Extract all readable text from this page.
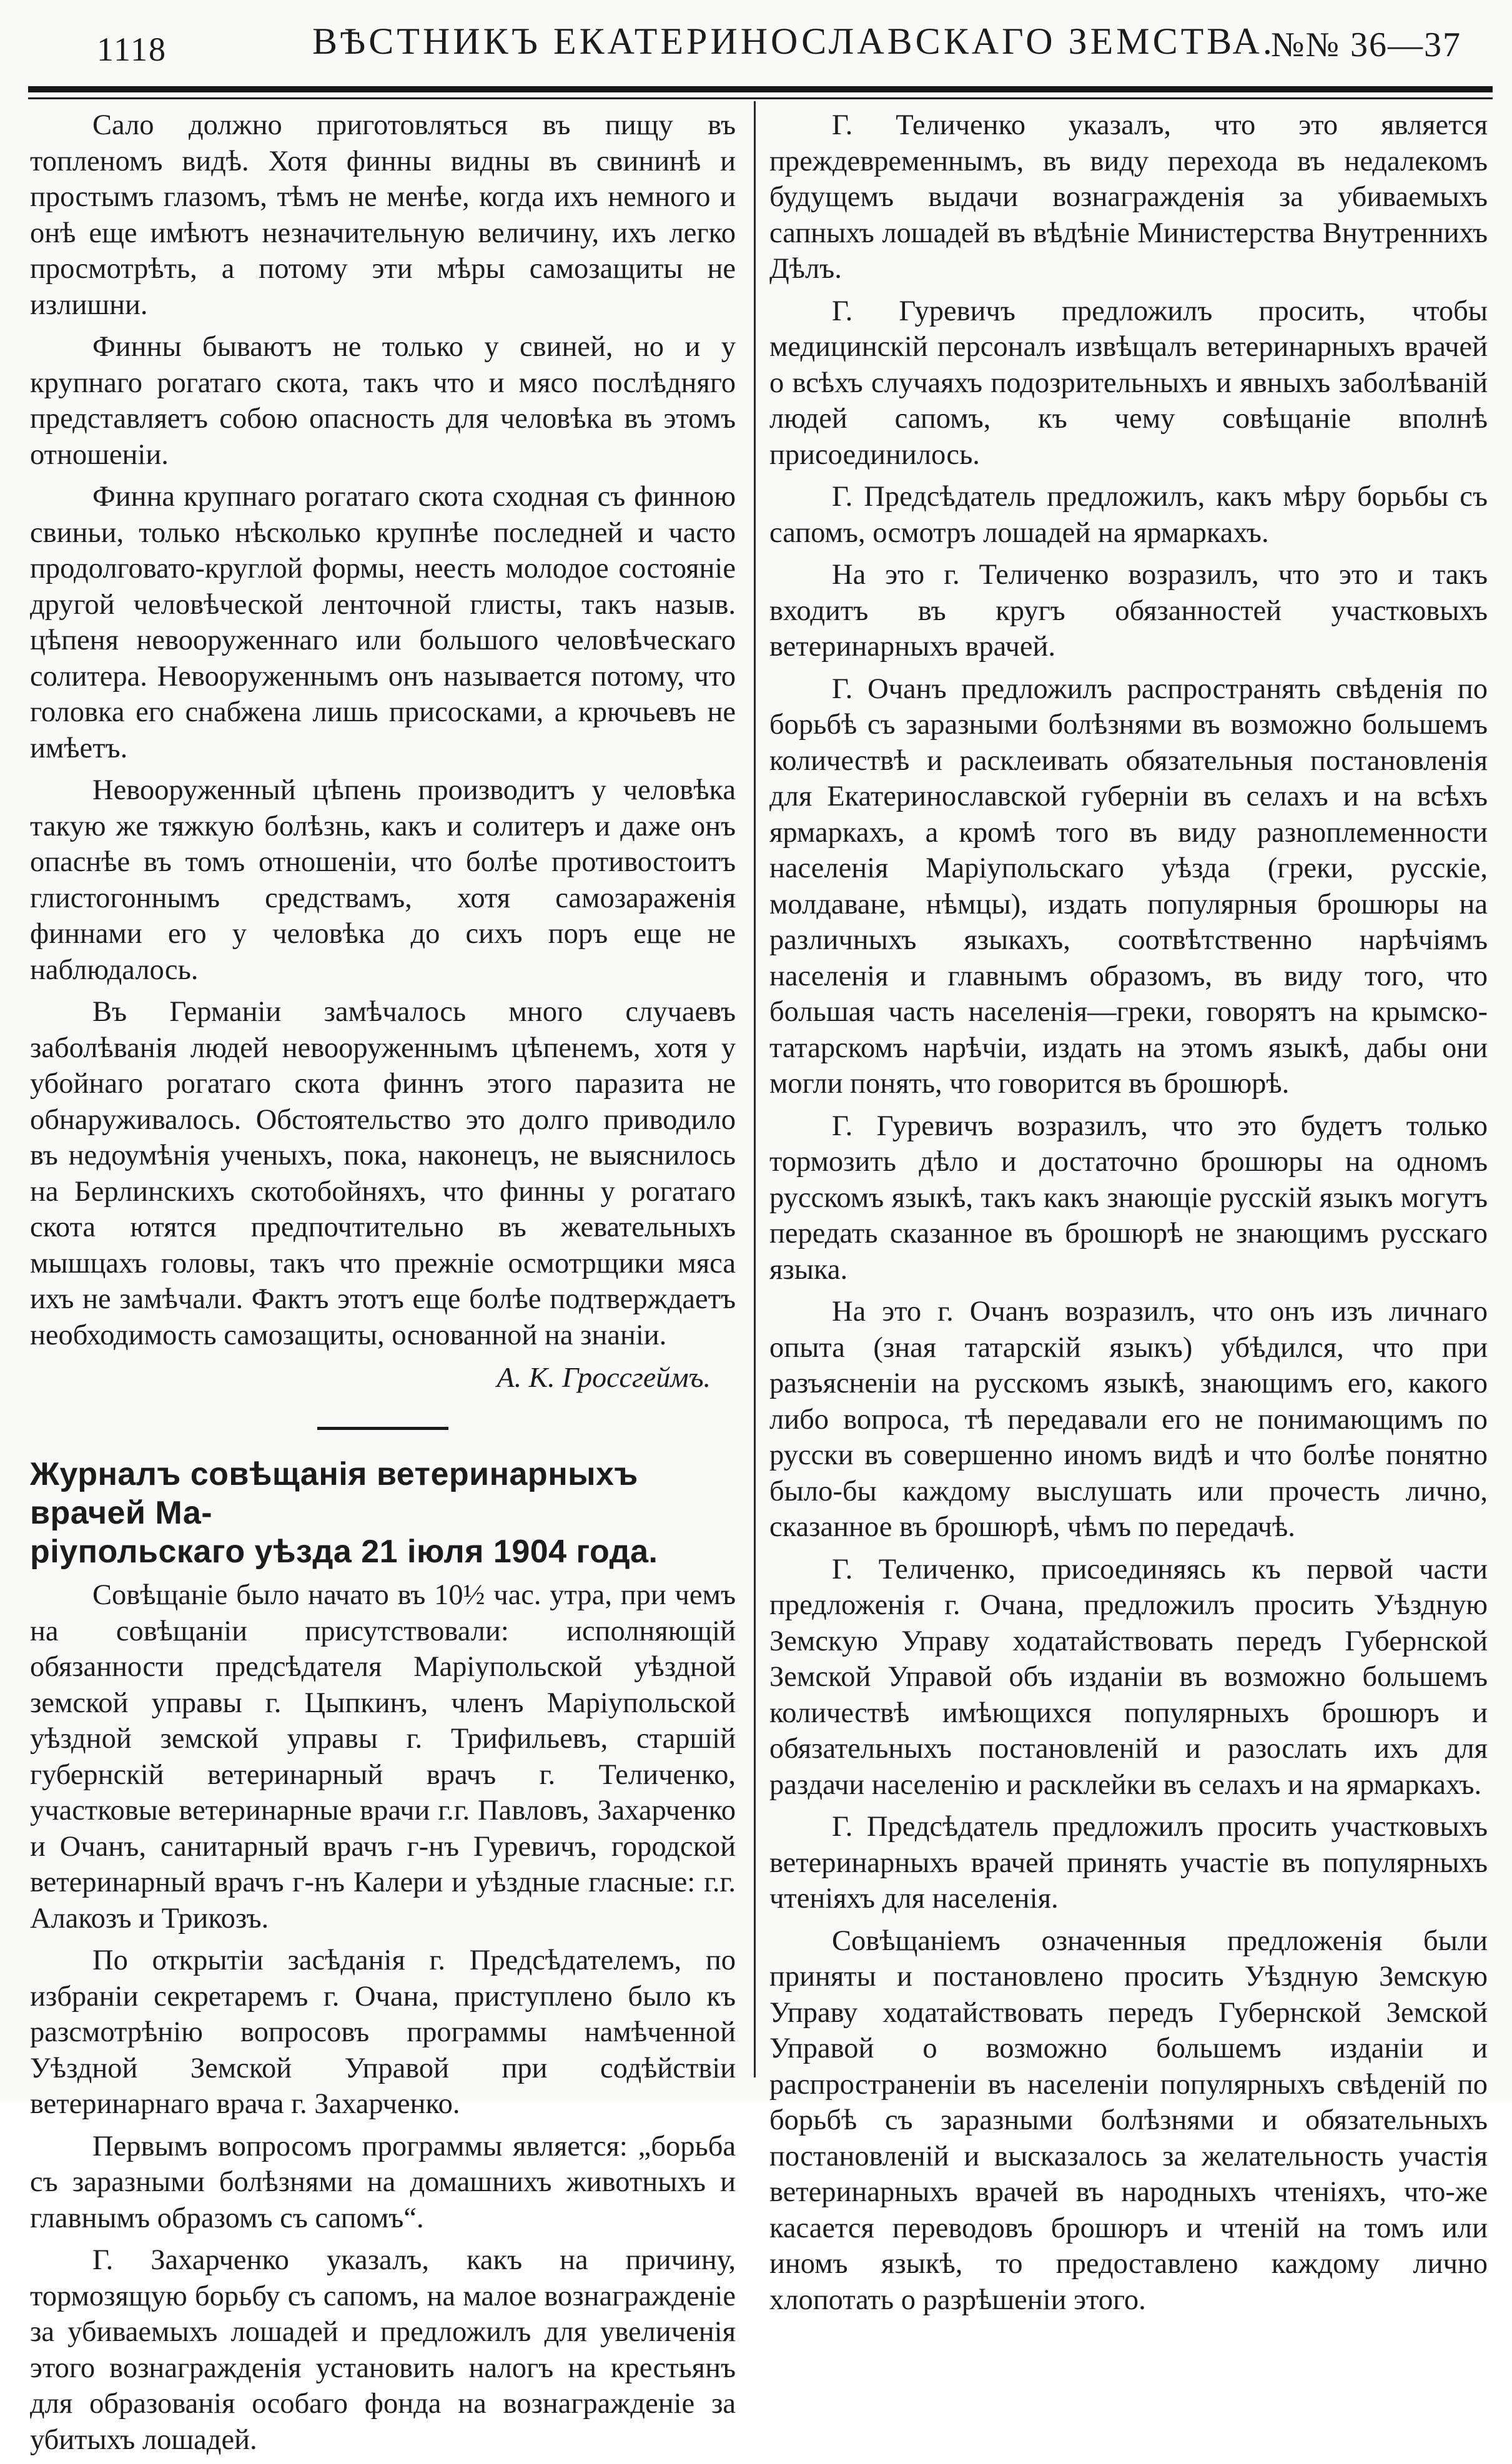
1118	ВѢСТНИКЪ ЕКАТЕРИНОСЛАВСКАГО ЗЕМСТВА.
№№ 36—37

Сало должно приготовляться въ пищу въ топленомъ видѣ. Хотя финны видны въ свининѣ и простымъ глазомъ, тѣмъ не менѣе, когда ихъ немного и онѣ еще имѣютъ незначительную величину, ихъ легко просмотрѣть, а потому эти мѣры самозащиты не излишни.

Финны бываютъ не только у свиней, но и у крупнаго рогатаго скота, такъ что и мясо послѣдняго представляетъ собою опасность для человѣка въ этомъ отношеніи.

Финна крупнаго рогатаго скота сходная съ финною свиньи, только нѣсколько крупнѣе последней и часто продолговато-круглой формы, неесть молодое состояніе другой человѣческой ленточной глисты, такъ назыв. цѣпеня невооруженнаго или большого человѣческаго солитера. Невооруженнымъ онъ называется потому, что головка его снабжена лишь присосками, а крючьевъ не имѣетъ.

Невооруженный цѣпень производитъ у человѣка такую же тяжкую болѣзнь, какъ и солитеръ и даже онъ опаснѣе въ томъ отношеніи, что болѣе противостоитъ глистогоннымъ средствамъ, хотя самозараженія финнами его у человѣка до сихъ поръ еще не наблюдалось.

Въ Германіи замѣчалось много случаевъ заболѣванія людей невооруженнымъ цѣпенемъ, хотя у убойнаго рогатаго скота финнъ этого паразита не обнаруживалось. Обстоятельство это долго приводило въ недоумѣнія ученыхъ, пока, наконецъ, не выяснилось на Берлинскихъ скотобойняхъ, что финны у рогатаго скота ютятся предпочтительно въ жевательныхъ мышцахъ головы, такъ что прежніе осмотрщики мяса ихъ не замѣчали. Фактъ этотъ еще болѣе подтверждаетъ необходимость самозащиты, основанной на знаніи.

А. К. Гроссгеймъ.
Журналъ совѣщанія ветеринарныхъ врачей Ма-
ріупольскаго уѣзда 21 іюля 1904 года.

Совѣщаніе было начато въ 10½ час. утра, при чемъ на совѣщаніи присутствовали: исполняющій обязанности предсѣдателя Маріупольской уѣздной земской управы г. Цыпкинъ, членъ Маріупольской уѣздной земской управы г. Трифильевъ, старшій губернскій ветеринарный врачъ г. Теличенко, участковые ветеринарные врачи г.г. Павловъ, Захарченко и Очанъ, санитарный врачъ г-нъ Гуревичъ, городской ветеринарный врачъ г-нъ Калери и уѣздные гласные: г.г. Алакозъ и Трикозъ.

По открытіи засѣданія г. Предсѣдателемъ, по избраніи секретаремъ г. Очана, приступлено было къ разсмотрѣнію вопросовъ программы намѣченной Уѣздной Земской Управой при содѣйствіи ветеринарнаго врача г. Захарченко.

Первымъ вопросомъ программы является: „борьба съ заразными болѣзнями на домашнихъ животныхъ и главнымъ образомъ съ сапомъ“.

Г. Захарченко указалъ, какъ на причину, тормозящую борьбу съ сапомъ, на малое вознагражденіе за убиваемыхъ лошадей и предложилъ для увеличенія этого вознагражденія установить налогъ на крестьянъ для образованія особаго фонда на вознагражденіе за убитыхъ лошадей.

Г. Теличенко указалъ, что это является преждевременнымъ, въ виду перехода въ недалекомъ будущемъ выдачи вознагражденія за убиваемыхъ сапныхъ лошадей въ вѣдѣніе Министерства Внутреннихъ Дѣлъ.

Г. Гуревичъ предложилъ просить, чтобы медицинскій персоналъ извѣщалъ ветеринарныхъ врачей о всѣхъ случаяхъ подозрительныхъ и явныхъ заболѣваній людей сапомъ, къ чему совѣщаніе вполнѣ присоединилось.

Г. Предсѣдатель предложилъ, какъ мѣру борьбы съ сапомъ, осмотръ лошадей на ярмаркахъ.

На это г. Теличенко возразилъ, что это и такъ входитъ въ кругъ обязанностей участковыхъ ветеринарныхъ врачей.

Г. Очанъ предложилъ распространять свѣденія по борьбѣ съ заразными болѣзнями въ возможно большемъ количествѣ и расклеивать обязательныя постановленія для Екатеринославской губерніи въ селахъ и на всѣхъ ярмаркахъ, а кромѣ того въ виду разноплеменности населенія Маріупольскаго уѣзда (греки, русскіе, молдаване, нѣмцы), издать популярныя брошюры на различныхъ языкахъ, соотвѣтственно нарѣчіямъ населенія и главнымъ образомъ, въ виду того, что большая часть населенія—греки, говорятъ на крымско-татарскомъ нарѣчіи, издать на этомъ языкѣ, дабы они могли понять, что говорится въ брошюрѣ.

Г. Гуревичъ возразилъ, что это будетъ только тормозить дѣло и достаточно брошюры на одномъ русскомъ языкѣ, такъ какъ знающіе русскій языкъ могутъ передать сказанное въ брошюрѣ не знающимъ русскаго языка.

На это г. Очанъ возразилъ, что онъ изъ личнаго опыта (зная татарскій языкъ) убѣдился, что при разъясненіи на русскомъ языкѣ, знающимъ его, какого либо вопроса, тѣ передавали его не понимающимъ по русски въ совершенно иномъ видѣ и что болѣе понятно было-бы каждому выслушать или прочесть лично, сказанное въ брошюрѣ, чѣмъ по передачѣ.

Г. Теличенко, присоединяясь къ первой части предложенія г. Очана, предложилъ просить Уѣздную Земскую Управу ходатайствовать передъ Губернской Земской Управой объ изданіи въ возможно большемъ количествѣ имѣющихся популярныхъ брошюръ и обязательныхъ постановленій и разослать ихъ для раздачи населенію и расклейки въ селахъ и на ярмаркахъ.

Г. Предсѣдатель предложилъ просить участковыхъ ветеринарныхъ врачей принять участіе въ популярныхъ чтеніяхъ для населенія.

Совѣщаніемъ означенныя предложенія были приняты и постановлено просить Уѣздную Земскую Управу ходатайствовать передъ Губернской Земской Управой о возможно большемъ изданіи и распространеніи въ населеніи популярныхъ свѣденій по борьбѣ съ заразными болѣзнями и обязательныхъ постановленій и высказалось за желательность участія ветеринарныхъ врачей въ народныхъ чтеніяхъ, что-же касается переводовъ брошюръ и чтеній на томъ или иномъ языкѣ, то предоставлено каждому лично хлопотать о разрѣшеніи этого.
